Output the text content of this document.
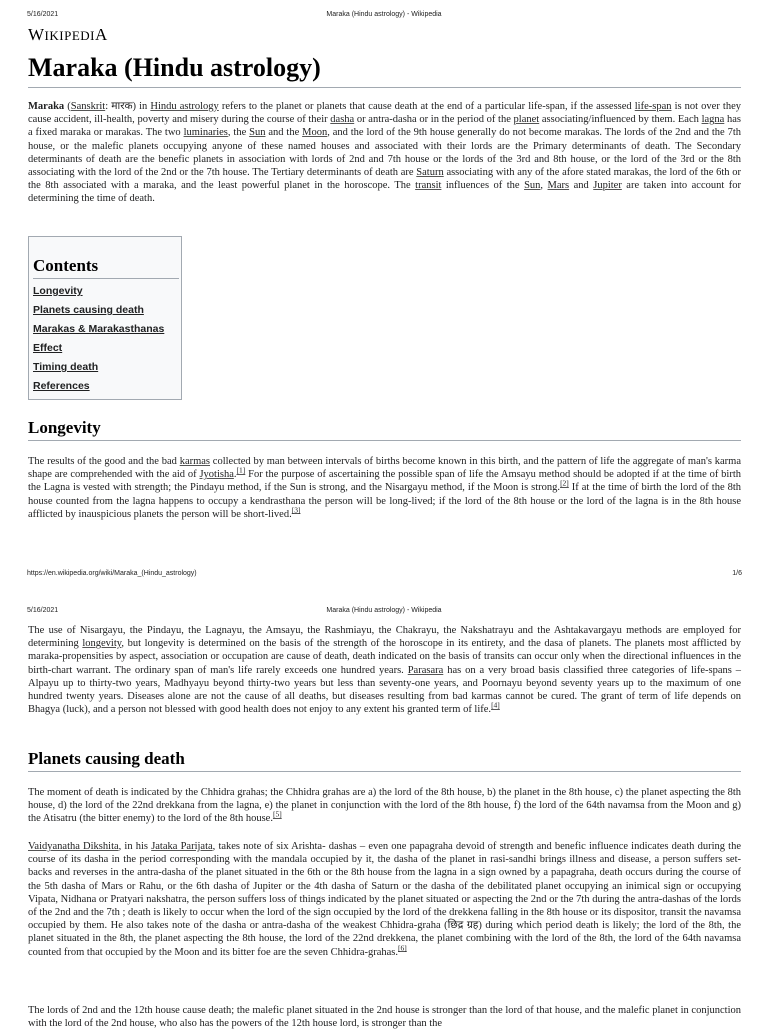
5/16/2021	Maraka (Hindu astrology) - Wikipedia
WIKIPEDIA
Maraka (Hindu astrology)

Maraka (Sanskrit: मारक) in Hindu astrology refers to the planet or planets that cause death at the end of a particular life-span, if the assessed life-span is not over they cause accident, ill-health, poverty and misery during the course of their dasha or antra-dasha or in the period of the planet associating/influenced by them. Each lagna has a fixed maraka or marakas. The two luminaries, the Sun and the Moon, and the lord of the 9th house generally do not become marakas. The lords of the 2nd and the 7th house, or the malefic planets occupying anyone of these named houses and associated with their lords are the Primary determinants of death. The Secondary determinants of death are the benefic planets in association with lords of 2nd and 7th house or the lords of the 3rd and 8th house, or the lord of the 3rd or the 8th associating with the lord of the 2nd or the 7th house. The Tertiary determinants of death are Saturn associating with any of the afore stated marakas, the lord of the 6th or the 8th associated with a maraka, and the least powerful planet in the horoscope. The transit influences of the Sun, Mars and Jupiter are taken into account for determining the time of death.

Contents
Longevity
Planets causing death
Marakas & Marakasthanas
Effect
Timing death
References
Longevity

The results of the good and the bad karmas collected by man between intervals of births become known in this birth, and the pattern of life the aggregate of man's karma shape are comprehended with the aid of Jyotisha.[1] For the purpose of ascertaining the possible span of life the Amsayu method should be adopted if at the time of birth the Lagna is vested with strength; the Pindayu method, if the Sun is strong, and the Nisargayu method, if the Moon is strong.[2] If at the time of birth the lord of the 8th house counted from the lagna happens to occupy a kendrasthana the person will be long-lived; if the lord of the 8th house or the lord of the lagna is in the 8th house afflicted by inauspicious planets the person will be short-lived.[3]

https://en.wikipedia.org/wiki/Maraka_(Hindu_astrology)	1/6
5/16/2021	Maraka (Hindu astrology) - Wikipedia

The use of Nisargayu, the Pindayu, the Lagnayu, the Amsayu, the Rashmiayu, the Chakrayu, the Nakshatrayu and the Ashtakavargayu methods are employed for determining longevity, but longevity is determined on the basis of the strength of the horoscope in its entirety, and the dasa of planets. The planets most afflicted by maraka-propensities by aspect, association or occupation are cause of death, death indicated on the basis of transits can occur only when the directional influences in the birth-chart warrant. The ordinary span of man's life rarely exceeds one hundred years. Parasara has on a very broad basis classified three categories of life-spans – Alpayu up to thirty-two years, Madhyayu beyond thirty-two years but less than seventy-one years, and Poornayu beyond seventy years up to the maximum of one hundred twenty years. Diseases alone are not the cause of all deaths, but diseases resulting from bad karmas cannot be cured. The grant of term of life depends on Bhagya (luck), and a person not blessed with good health does not enjoy to any extent his granted term of life.[4]

Planets causing death

The moment of death is indicated by the Chhidra grahas; the Chhidra grahas are a) the lord of the 8th house, b) the planet in the 8th house, c) the planet aspecting the 8th house, d) the lord of the 22nd drekkana from the lagna, e) the planet in conjunction with the lord of the 8th house, f) the lord of the 64th navamsa from the Moon and g) the Atisatru (the bitter enemy) to the lord of the 8th house.[5]

Vaidyanatha Dikshita, in his Jataka Parijata, takes note of six Arishta- dashas – even one papagraha devoid of strength and benefic influence indicates death during the course of its dasha in the period corresponding with the mandala occupied by it, the dasha of the planet in rasi-sandhi brings illness and disease, a person suffers set-backs and reverses in the antra-dasha of the planet situated in the 6th or the 8th house from the lagna in a sign owned by a papagraha, death occurs during the course of the 5th dasha of Mars or Rahu, or the 6th dasha of Jupiter or the 4th dasha of Saturn or the dasha of the debilitated planet occupying an inimical sign or occupying Vipata, Nidhana or Pratyari nakshatra, the person suffers loss of things indicated by the planet situated or aspecting the 2nd or the 7th during the antra-dashas of the lords of the 2nd and the 7th ; death is likely to occur when the lord of the sign occupied by the lord of the drekkena falling in the 8th house or its dispositor, transit the navamsa occupied by them. He also takes note of the dasha or antra-dasha of the weakest Chhidra-graha (छिद्र ग्रह) during which period death is likely; the lord of the 8th, the planet situated in the 8th, the planet aspecting the 8th house, the lord of the 22nd drekkena, the planet combining with the lord of the 8th, the lord of the 64th navamsa counted from that occupied by the Moon and its bitter foe are the seven Chhidra-grahas.[6]

The lords of 2nd and the 12th house cause death; the malefic planet situated in the 2nd house is stronger than the lord of that house, and the malefic planet in conjunction with the lord of the 2nd house, who also has the powers of the 12th house lord, is stronger than the
